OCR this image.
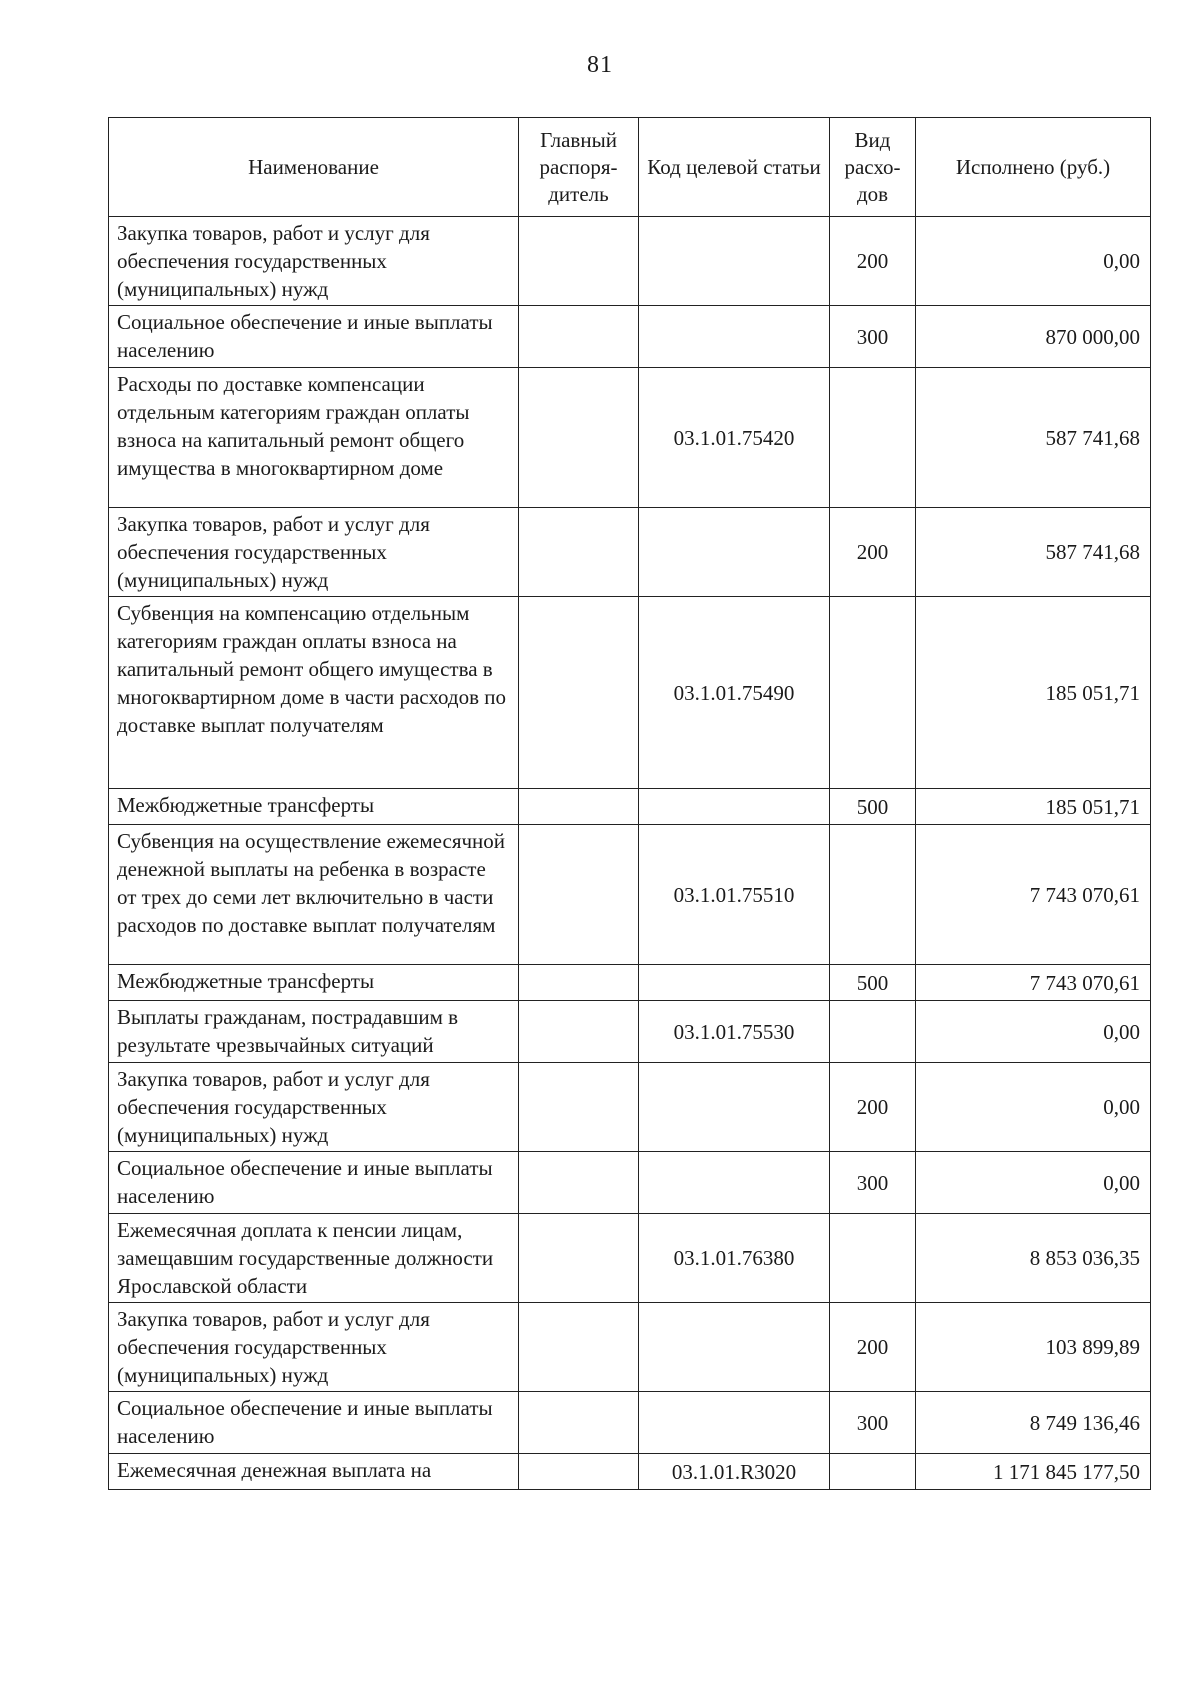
81
Наименование	Главный распоря-дитель	Код целевой статьи	Вид расхо-дов	Исполнено (руб.)
Закупка товаров, работ и услуг для обеспечения государственных (муниципальных) нужд			200	0,00
Социальное обеспечение и иные выплаты населению			300	870 000,00
Расходы по доставке компенсации отдельным категориям граждан оплаты взноса на капитальный ремонт общего имущества в многоквартирном доме		03.1.01.75420		587 741,68
Закупка товаров, работ и услуг для обеспечения государственных (муниципальных) нужд			200	587 741,68
Субвенция на компенсацию отдельным категориям граждан оплаты взноса на капитальный ремонт общего имущества в многоквартирном доме в части расходов по доставке выплат получателям		03.1.01.75490		185 051,71
Межбюджетные трансферты			500	185 051,71
Субвенция на осуществление ежемесячной денежной выплаты на ребенка в возрасте от трех до семи лет включительно в части расходов по доставке выплат получателям		03.1.01.75510		7 743 070,61
Межбюджетные трансферты			500	7 743 070,61
Выплаты гражданам, пострадавшим в результате чрезвычайных ситуаций		03.1.01.75530		0,00
Закупка товаров, работ и услуг для обеспечения государственных (муниципальных) нужд			200	0,00
Социальное обеспечение и иные выплаты населению			300	0,00
Ежемесячная доплата к пенсии лицам, замещавшим государственные должности Ярославской области		03.1.01.76380		8 853 036,35
Закупка товаров, работ и услуг для обеспечения государственных (муниципальных) нужд			200	103 899,89
Социальное обеспечение и иные выплаты населению			300	8 749 136,46
Ежемесячная денежная выплата на		03.1.01.R3020		1 171 845 177,50
